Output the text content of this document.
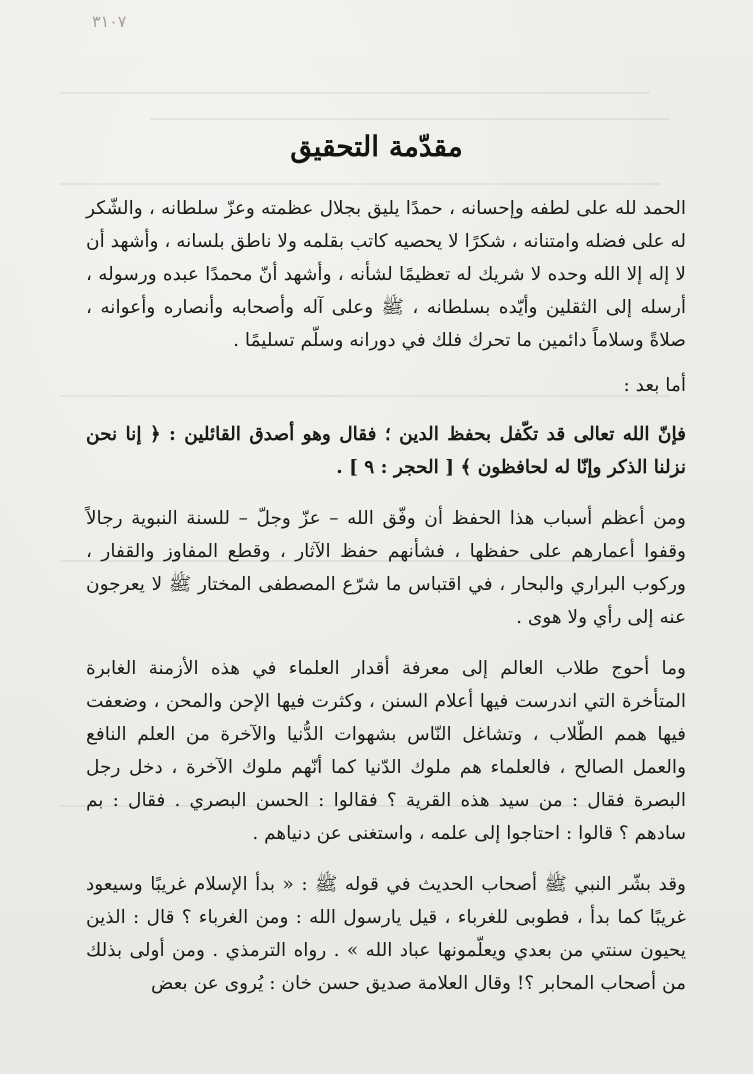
٣١٠٧
مقدّمة التحقيق

الحمد لله على لطفه وإحسانه ، حمدًا يليق بجلال عظمته وعزّ سلطانه ، والشّكر له على فضله وامتنانه ، شكرًا لا يحصيه كاتب بقلمه ولا ناطق بلسانه ، وأشهد أن لا إله إلا الله وحده لا شريك له تعظيمًا لشأنه ، وأشهد أنّ محمدًا عبده ورسوله ، أرسله إلى الثقلين وأيّده بسلطانه ، ﷺ وعلى آله وأصحابه وأنصاره وأعوانه ، صلاةً وسلاماً دائمين ما تحرك فلك في دورانه وسلّم تسليمًا .

أما بعد :

فإنّ الله تعالى قد تكّفل بحفظ الدين ؛ فقال وهو أصدق القائلين : ﴿ إنا نحن نزلنا الذكر وإنّا له لحافظون ﴾ [ الحجر : ٩ ] .

ومن أعظم أسباب هذا الحفظ أن وفّق الله – عزّ وجلّ – للسنة النبوية رجالاً وقفوا أعمارهم على حفظها ، فشأنهم حفظ الآثار ، وقطع المفاوز والقفار ، وركوب البراري والبحار ، في اقتباس ما شرّع المصطفى المختار ﷺ لا يعرجون عنه إلى رأي ولا هوى .

وما أحوج طلاب العالم إلى معرفة أقدار العلماء في هذه الأزمنة الغابرة المتأخرة التي اندرست فيها أعلام السنن ، وكثرت فيها الإحن والمحن ، وضعفت فيها همم الطّلاب ، وتشاغل النّاس بشهوات الدُّنيا والآخرة من العلم النافع والعمل الصالح ، فالعلماء هم ملوك الدّنيا كما أنّهم ملوك الآخرة ، دخل رجل البصرة فقال : من سيد هذه القرية ؟ فقالوا : الحسن البصري . فقال : بم سادهم ؟ قالوا : احتاجوا إلى علمه ، واستغنى عن دنياهم .

وقد بشّر النبي ﷺ أصحاب الحديث في قوله ﷺ : « بدأ الإسلام غريبًا وسيعود غريبًا كما بدأ ، فطوبى للغرباء ، قيل يارسول الله : ومن الغرباء ؟ قال : الذين يحيون سنتي من بعدي ويعلّمونها عباد الله » . رواه الترمذي . ومن أولى بذلك من أصحاب المحابر ؟! وقال العلامة صديق حسن خان : يُروى عن بعض
